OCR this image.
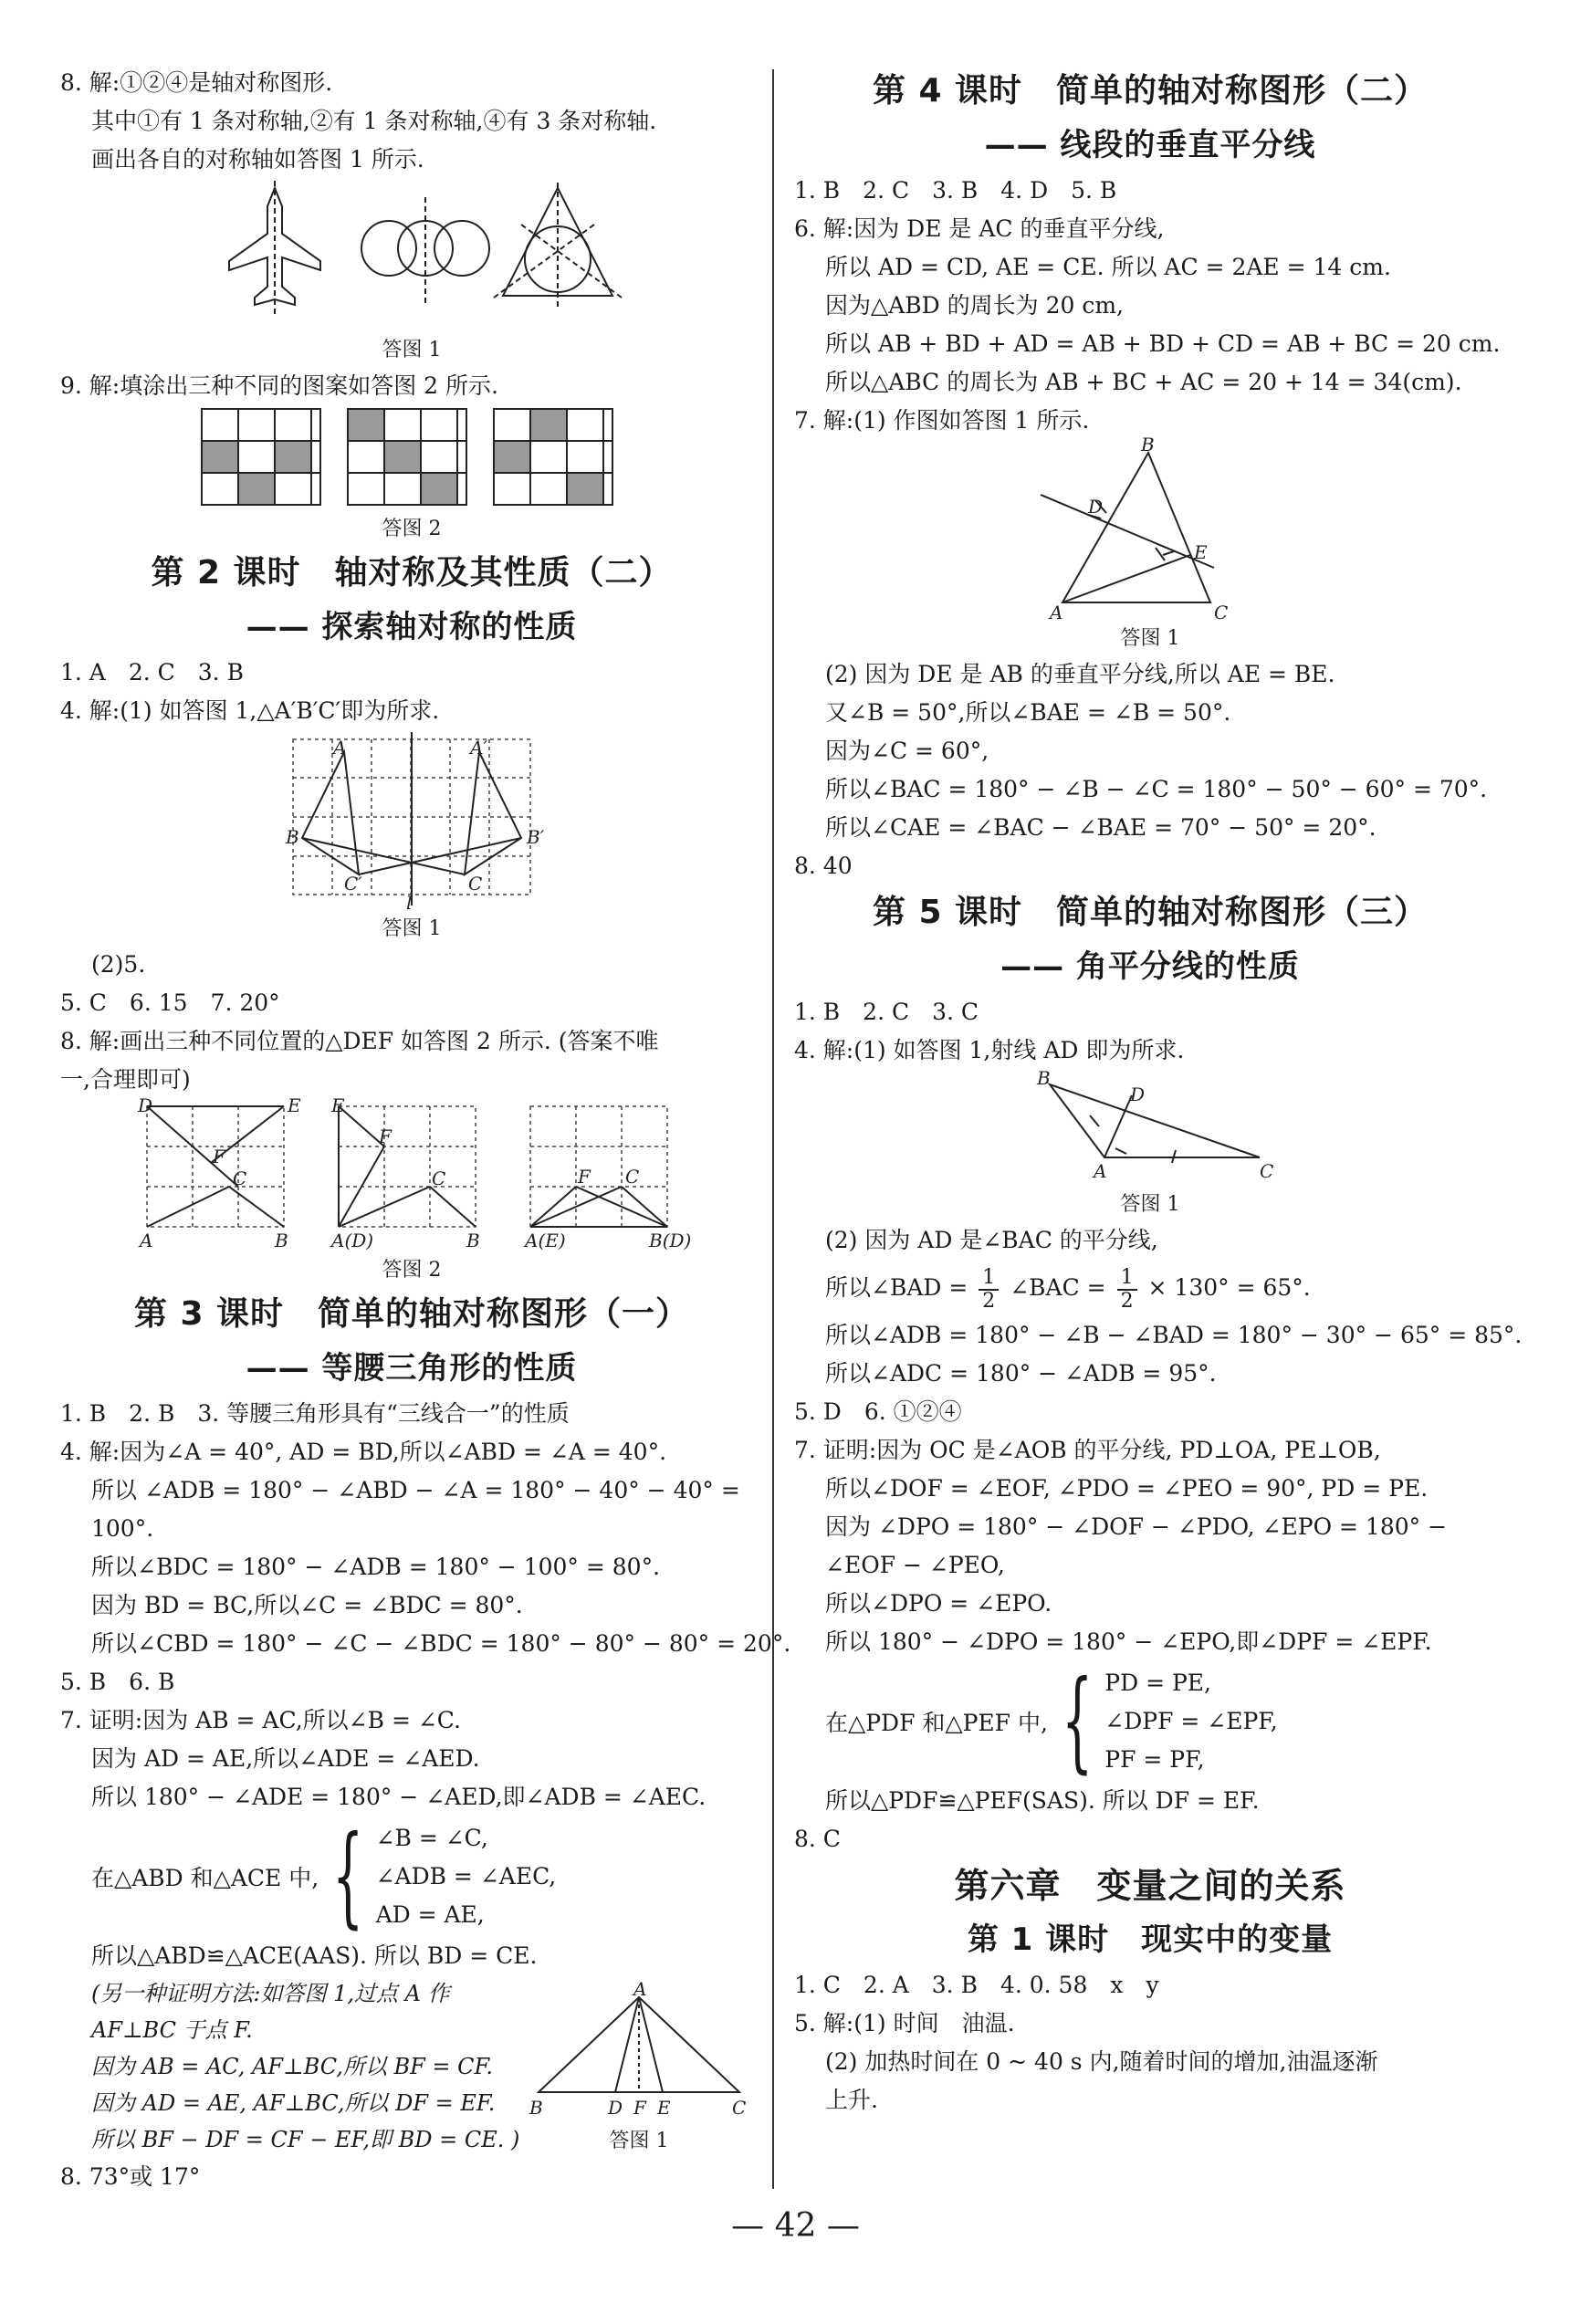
8. 解:①②④是轴对称图形.

其中①有 1 条对称轴,②有 1 条对称轴,④有 3 条对称轴.

画出各自的对称轴如答图 1 所示.

答图 1

9. 解:填涂出三种不同的图案如答图 2 所示.

答图 2

第 2 课时　轴对称及其性质（二）
—— 探索轴对称的性质

1. A　2. C　3. B

4. 解:(1) 如答图 1,△A′B′C′即为所求.

A	A′
B	B′
C′	C
l

答图 1

(2)5.

5. C　6. 15　7. 20°

8. 解:画出三种不同位置的△DEF 如答图 2 所示. (答案不唯

一,合理即可)

D	E
F
C
A	B
E
F
C
A(D)	B
F C
A(E)	B(D)

答图 2

第 3 课时　简单的轴对称图形（一）
—— 等腰三角形的性质

1. B　2. B　3. 等腰三角形具有“三线合一”的性质

4. 解:因为∠A = 40°, AD = BD,所以∠ABD = ∠A = 40°.

所以 ∠ADB = 180° − ∠ABD − ∠A = 180° − 40° − 40° =

100°.

所以∠BDC = 180° − ∠ADB = 180° − 100° = 80°.

因为 BD = BC,所以∠C = ∠BDC = 80°.

所以∠CBD = 180° − ∠C − ∠BDC = 180° − 80° − 80° = 20°.

5. B　6. B

7. 证明:因为 AB = AC,所以∠B = ∠C.

因为 AD = AE,所以∠ADE = ∠AED.

所以 180° − ∠ADE = 180° − ∠AED,即∠ADB = ∠AEC.

在△ABD 和△ACE 中, { ∠B = ∠C,

∠ADB = ∠AEC,

AD = AE,

所以△ABD≌△ACE(AAS). 所以 BD = CE.

(另一种证明方法:如答图 1,过点 A 作

AF⊥BC 于点 F.

因为 AB = AC, AF⊥BC,所以 BF = CF.

因为 AD = AE, AF⊥BC,所以 DF = EF.

所以 BF − DF = CF − EF,即 BD = CE. )

A
B	D F E	C

答图 1

8. 73°或 17°

第 4 课时　简单的轴对称图形（二）
—— 线段的垂直平分线

1. B　2. C　3. B　4. D　5. B

6. 解:因为 DE 是 AC 的垂直平分线,

所以 AD = CD, AE = CE. 所以 AC = 2AE = 14 cm.

因为△ABD 的周长为 20 cm,

所以 AB + BD + AD = AB + BD + CD = AB + BC = 20 cm.

所以△ABC 的周长为 AB + BC + AC = 20 + 14 = 34(cm).

7. 解:(1) 作图如答图 1 所示.

B
D
E
A	C

答图 1

(2) 因为 DE 是 AB 的垂直平分线,所以 AE = BE.

又∠B = 50°,所以∠BAE = ∠B = 50°.

因为∠C = 60°,

所以∠BAC = 180° − ∠B − ∠C = 180° − 50° − 60° = 70°.

所以∠CAE = ∠BAC − ∠BAE = 70° − 50° = 20°.

8. 40

第 5 课时　简单的轴对称图形（三）
—— 角平分线的性质

1. B　2. C　3. C

4. 解:(1) 如答图 1,射线 AD 即为所求.

B
D
A	C

答图 1

(2) 因为 AD 是∠BAC 的平分线,

所以∠BAD = $\frac{1}{2}$ ∠BAC = $\frac{1}{2} \times 130^\circ = 65^\circ$.

所以∠ADB = 180° − ∠B − ∠BAD = 180° − 30° − 65° = 85°.

所以∠ADC = 180° − ∠ADB = 95°.

5. D　6. ①②④

7. 证明:因为 OC 是∠AOB 的平分线, PD⊥OA, PE⊥OB,

所以∠DOF = ∠EOF, ∠PDO = ∠PEO = 90°, PD = PE.

因为 ∠DPO = 180° − ∠DOF − ∠PDO, ∠EPO = 180° −

∠EOF − ∠PEO,

所以∠DPO = ∠EPO.

所以 180° − ∠DPO = 180° − ∠EPO,即∠DPF = ∠EPF.

在△PDF 和△PEF 中, { PD = PE,

∠DPF = ∠EPF,

PF = PF,

所以△PDF≌△PEF(SAS). 所以 DF = EF.

8. C

第六章　变量之间的关系
第 1 课时　现实中的变量

1. C　2. A　3. B　4. 0. 58　x　y

5. 解:(1) 时间　油温.

(2) 加热时间在 0 ~ 40 s 内,随着时间的增加,油温逐渐

上升.

— 42 —
